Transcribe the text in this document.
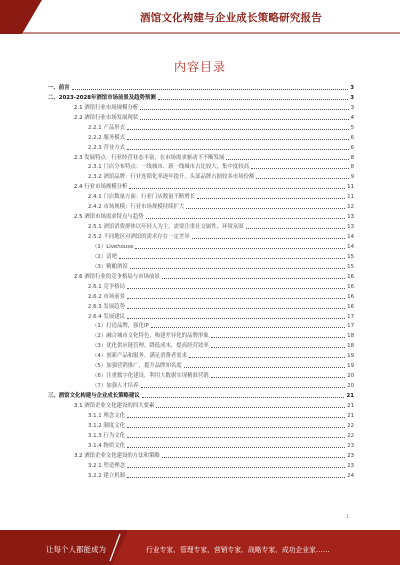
酒馆文化构建与企业成长策略研究报告
内容目录
一、前言	3
二、2023-2028年酒馆市场前景及趋势预测	3
2.1 酒馆行业市场规模分析	3
2.2 酒馆行业市场发展现状	4
2.2.1 产品形式	5
2.2.2 服务模式	6
2.2.3 营业方式	6
2.3 发展特点：行业经营业态丰富，在市场需求驱动下不断发展	8
2.3.1 门店分布特点：一线城市、新一线城市占比较大，集中度较高	8
2.3.2 酒馆品牌：行业连锁化率逐年提升，头部品牌占据较多市场份额	9
2.4 行业市场规模分析	11
2.4.1 门店数量方面：行业门店数量不断增长	11
2.4.2 市场规模：行业市场规模持续扩大	12
2.5 酒馆市场需求特点与趋势	13
2.5.1 酒馆消费群体以年轻人为主，需要注重社交属性、环境氛围	13
2.5.2 不同地区对酒馆的需求存在一定差异	14
（1）Livehouse	14
（2）清吧	15
（3）精酿酒馆	15
2.6 酒馆行业的竞争格局与市场前景	16
2.6.1 竞争格局	16
2.6.2 市场前景	16
2.6.3 发展趋势	16
2.6.4 发展建议	17
（1）打造品牌，强化IP	17
（2）融合城市文化特色，构建差异化的品牌形象	18
（3）优化供应链管理，降低成本，提高经营效率	18
（4）创新产品和服务，满足消费者需求	19
（5）加强营销推广，提升品牌知名度	19
（6）注重数字化建设，利用大数据实现精准营销	20
（7）加强人才培养	20
三、酒馆文化构建与企业成长策略建议	21
3.1 酒馆企业文化建设的四大要素	21
3.1.1 理念文化	21
3.1.2 制度文化	22
3.1.3 行为文化	22
3.1.4 物质文化	23
3.2 酒馆企业文化建设的方法和策略	23
3.2.1 塑造理念	23
3.2.2 建立机制	24
1
让每个人都能成为	行业专家、管理专家、营销专家、战略专家、成功企业家……
